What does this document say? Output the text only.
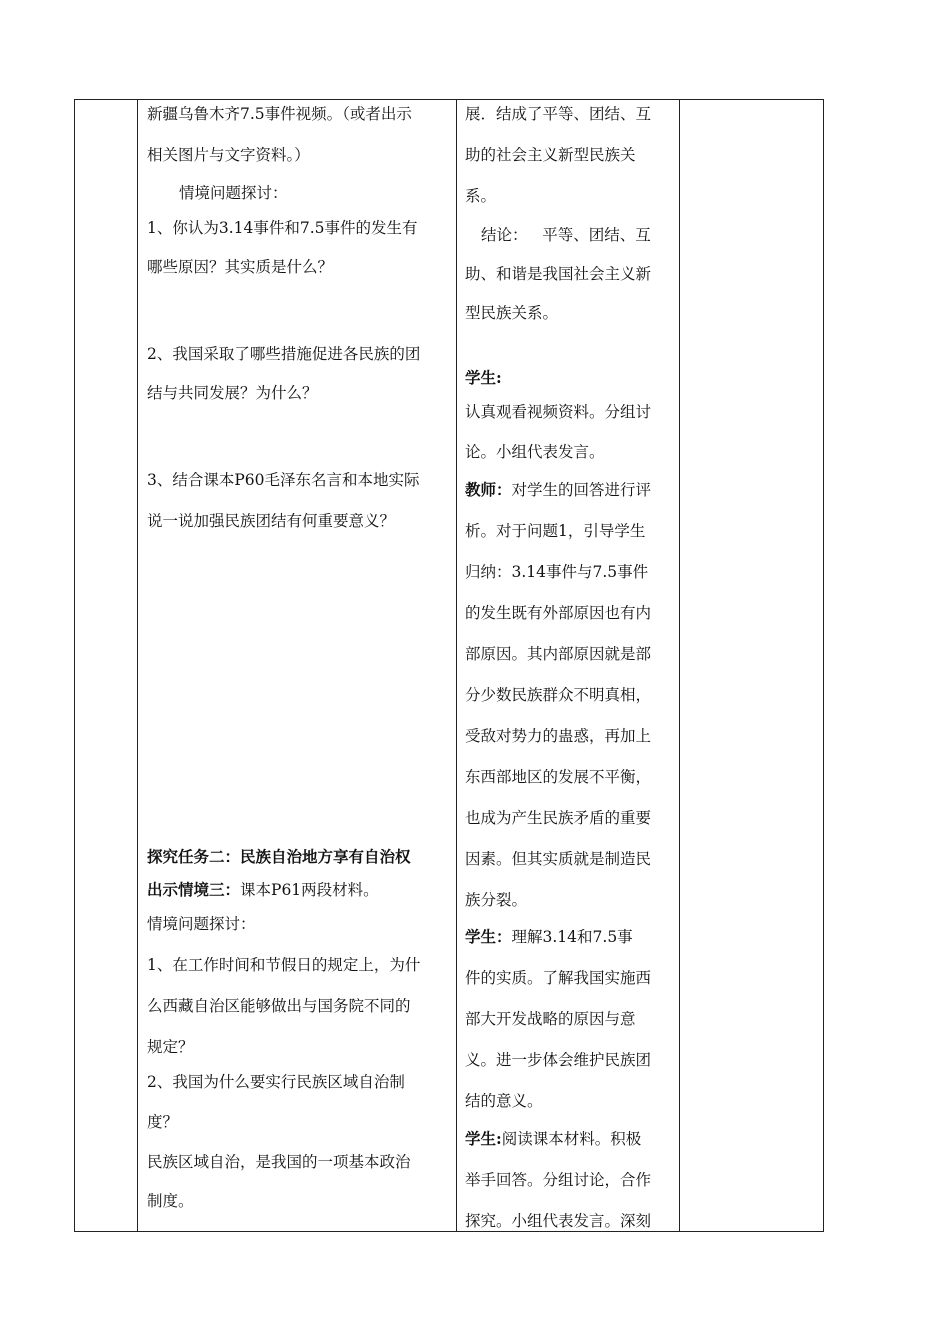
新疆乌鲁木齐7.5事件视频。（或者出示
相关图片与文字资料。）
情境问题探讨：
1、你认为3.14事件和7.5事件的发生有
哪些原因？其实质是什么？
2、我国采取了哪些措施促进各民族的团
结与共同发展？为什么？
3、结合课本P60毛泽东名言和本地实际
说一说加强民族团结有何重要意义？
探究任务二：民族自治地方享有自治权
出示情境三：课本P61两段材料。
情境问题探讨：
1、在工作时间和节假日的规定上，为什
么西藏自治区能够做出与国务院不同的
规定？
2、我国为什么要实行民族区域自治制
度？
民族区域自治，是我国的一项基本政治
制度。
展．结成了平等、团结、互
助的社会主义新型民族关
系。
结论：   平等、团结、互
助、和谐是我国社会主义新
型民族关系。
学生:
认真观看视频资料。分组讨
论。小组代表发言。
教师：对学生的回答进行评
析。对于问题1，引导学生
归纳：3.14事件与7.5事件
的发生既有外部原因也有内
部原因。其内部原因就是部
分少数民族群众不明真相，
受敌对势力的蛊惑，再加上
东西部地区的发展不平衡，
也成为产生民族矛盾的重要
因素。但其实质就是制造民
族分裂。
学生：理解3.14和7.5事
件的实质。了解我国实施西
部大开发战略的原因与意
义。进一步体会维护民族团
结的意义。
学生:阅读课本材料。积极
举手回答。分组讨论，合作
探究。小组代表发言。深刻
